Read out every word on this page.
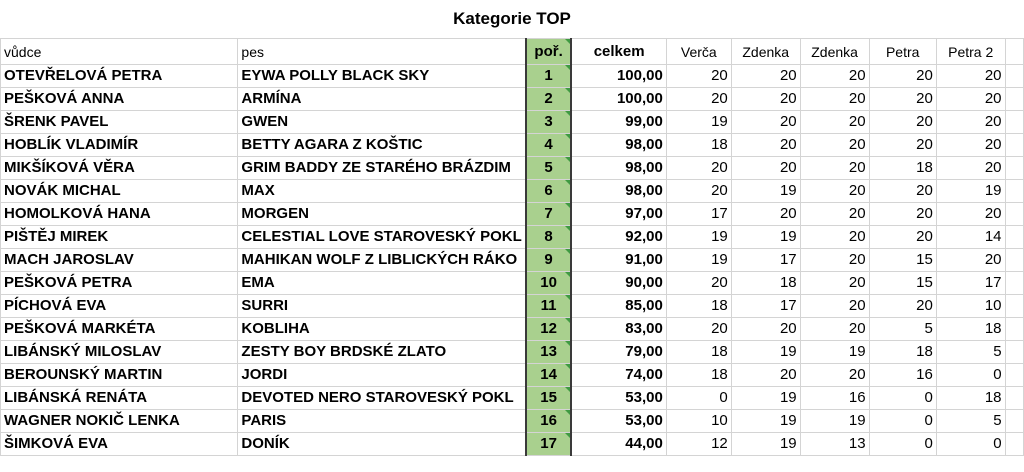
Kategorie TOP
vůdce	pes	poř.	celkem	Verča	Zdenka	Zdenka	Petra	Petra 2	
OTEVŘELOVÁ PETRA	EYWA POLLY BLACK SKY	1	100,00	20	20	20	20	20	
PEŠKOVÁ ANNA	ARMÍNA	2	100,00	20	20	20	20	20	
ŠRENK PAVEL	GWEN	3	99,00	19	20	20	20	20	
HOBLÍK VLADIMÍR	BETTY AGARA Z KOŠTIC	4	98,00	18	20	20	20	20	
MIKŠÍKOVÁ VĚRA	GRIM BADDY ZE STARÉHO BRÁZDIM	5	98,00	20	20	20	18	20	
NOVÁK MICHAL	MAX	6	98,00	20	19	20	20	19	
HOMOLKOVÁ HANA	MORGEN	7	97,00	17	20	20	20	20	
PIŠTĚJ MIREK	CELESTIAL LOVE STAROVESKÝ POKL	8	92,00	19	19	20	20	14	
MACH JAROSLAV	MAHIKAN WOLF Z LIBLICKÝCH RÁKO	9	91,00	19	17	20	15	20	
PEŠKOVÁ PETRA	EMA	10	90,00	20	18	20	15	17	
PÍCHOVÁ EVA	SURRI	11	85,00	18	17	20	20	10	
PEŠKOVÁ MARKÉTA	KOBLIHA	12	83,00	20	20	20	5	18	
LIBÁNSKÝ MILOSLAV	ZESTY BOY BRDSKÉ ZLATO	13	79,00	18	19	19	18	5	
BEROUNSKÝ MARTIN	JORDI	14	74,00	18	20	20	16	0	
LIBÁNSKÁ RENÁTA	DEVOTED NERO STAROVESKÝ POKL	15	53,00	0	19	16	0	18	
WAGNER NOKIČ LENKA	PARIS	16	53,00	10	19	19	0	5	
ŠIMKOVÁ EVA	DONÍK	17	44,00	12	19	13	0	0	
